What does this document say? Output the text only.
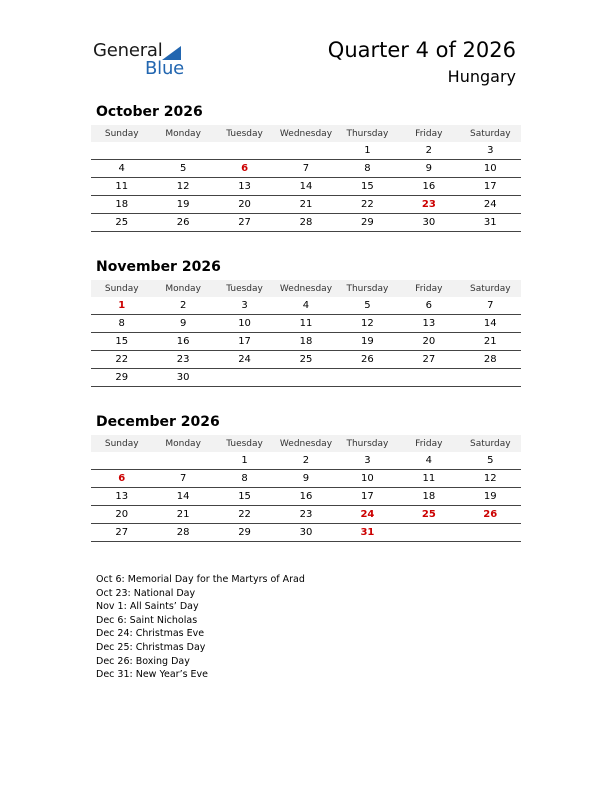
General
Blue
Quarter 4 of 2026
Hungary
October 2026
Sunday	Monday	Tuesday	Wednesday	Thursday	Friday	Saturday
				1	2	3
4	5	6	7	8	9	10
11	12	13	14	15	16	17
18	19	20	21	22	23	24
25	26	27	28	29	30	31
November 2026
Sunday	Monday	Tuesday	Wednesday	Thursday	Friday	Saturday
1	2	3	4	5	6	7
8	9	10	11	12	13	14
15	16	17	18	19	20	21
22	23	24	25	26	27	28
29	30					
December 2026
Sunday	Monday	Tuesday	Wednesday	Thursday	Friday	Saturday
		1	2	3	4	5
6	7	8	9	10	11	12
13	14	15	16	17	18	19
20	21	22	23	24	25	26
27	28	29	30	31		
Oct 6: Memorial Day for the Martyrs of Arad
Oct 23: National Day
Nov 1: All Saints’ Day
Dec 6: Saint Nicholas
Dec 24: Christmas Eve
Dec 25: Christmas Day
Dec 26: Boxing Day
Dec 31: New Year’s Eve
